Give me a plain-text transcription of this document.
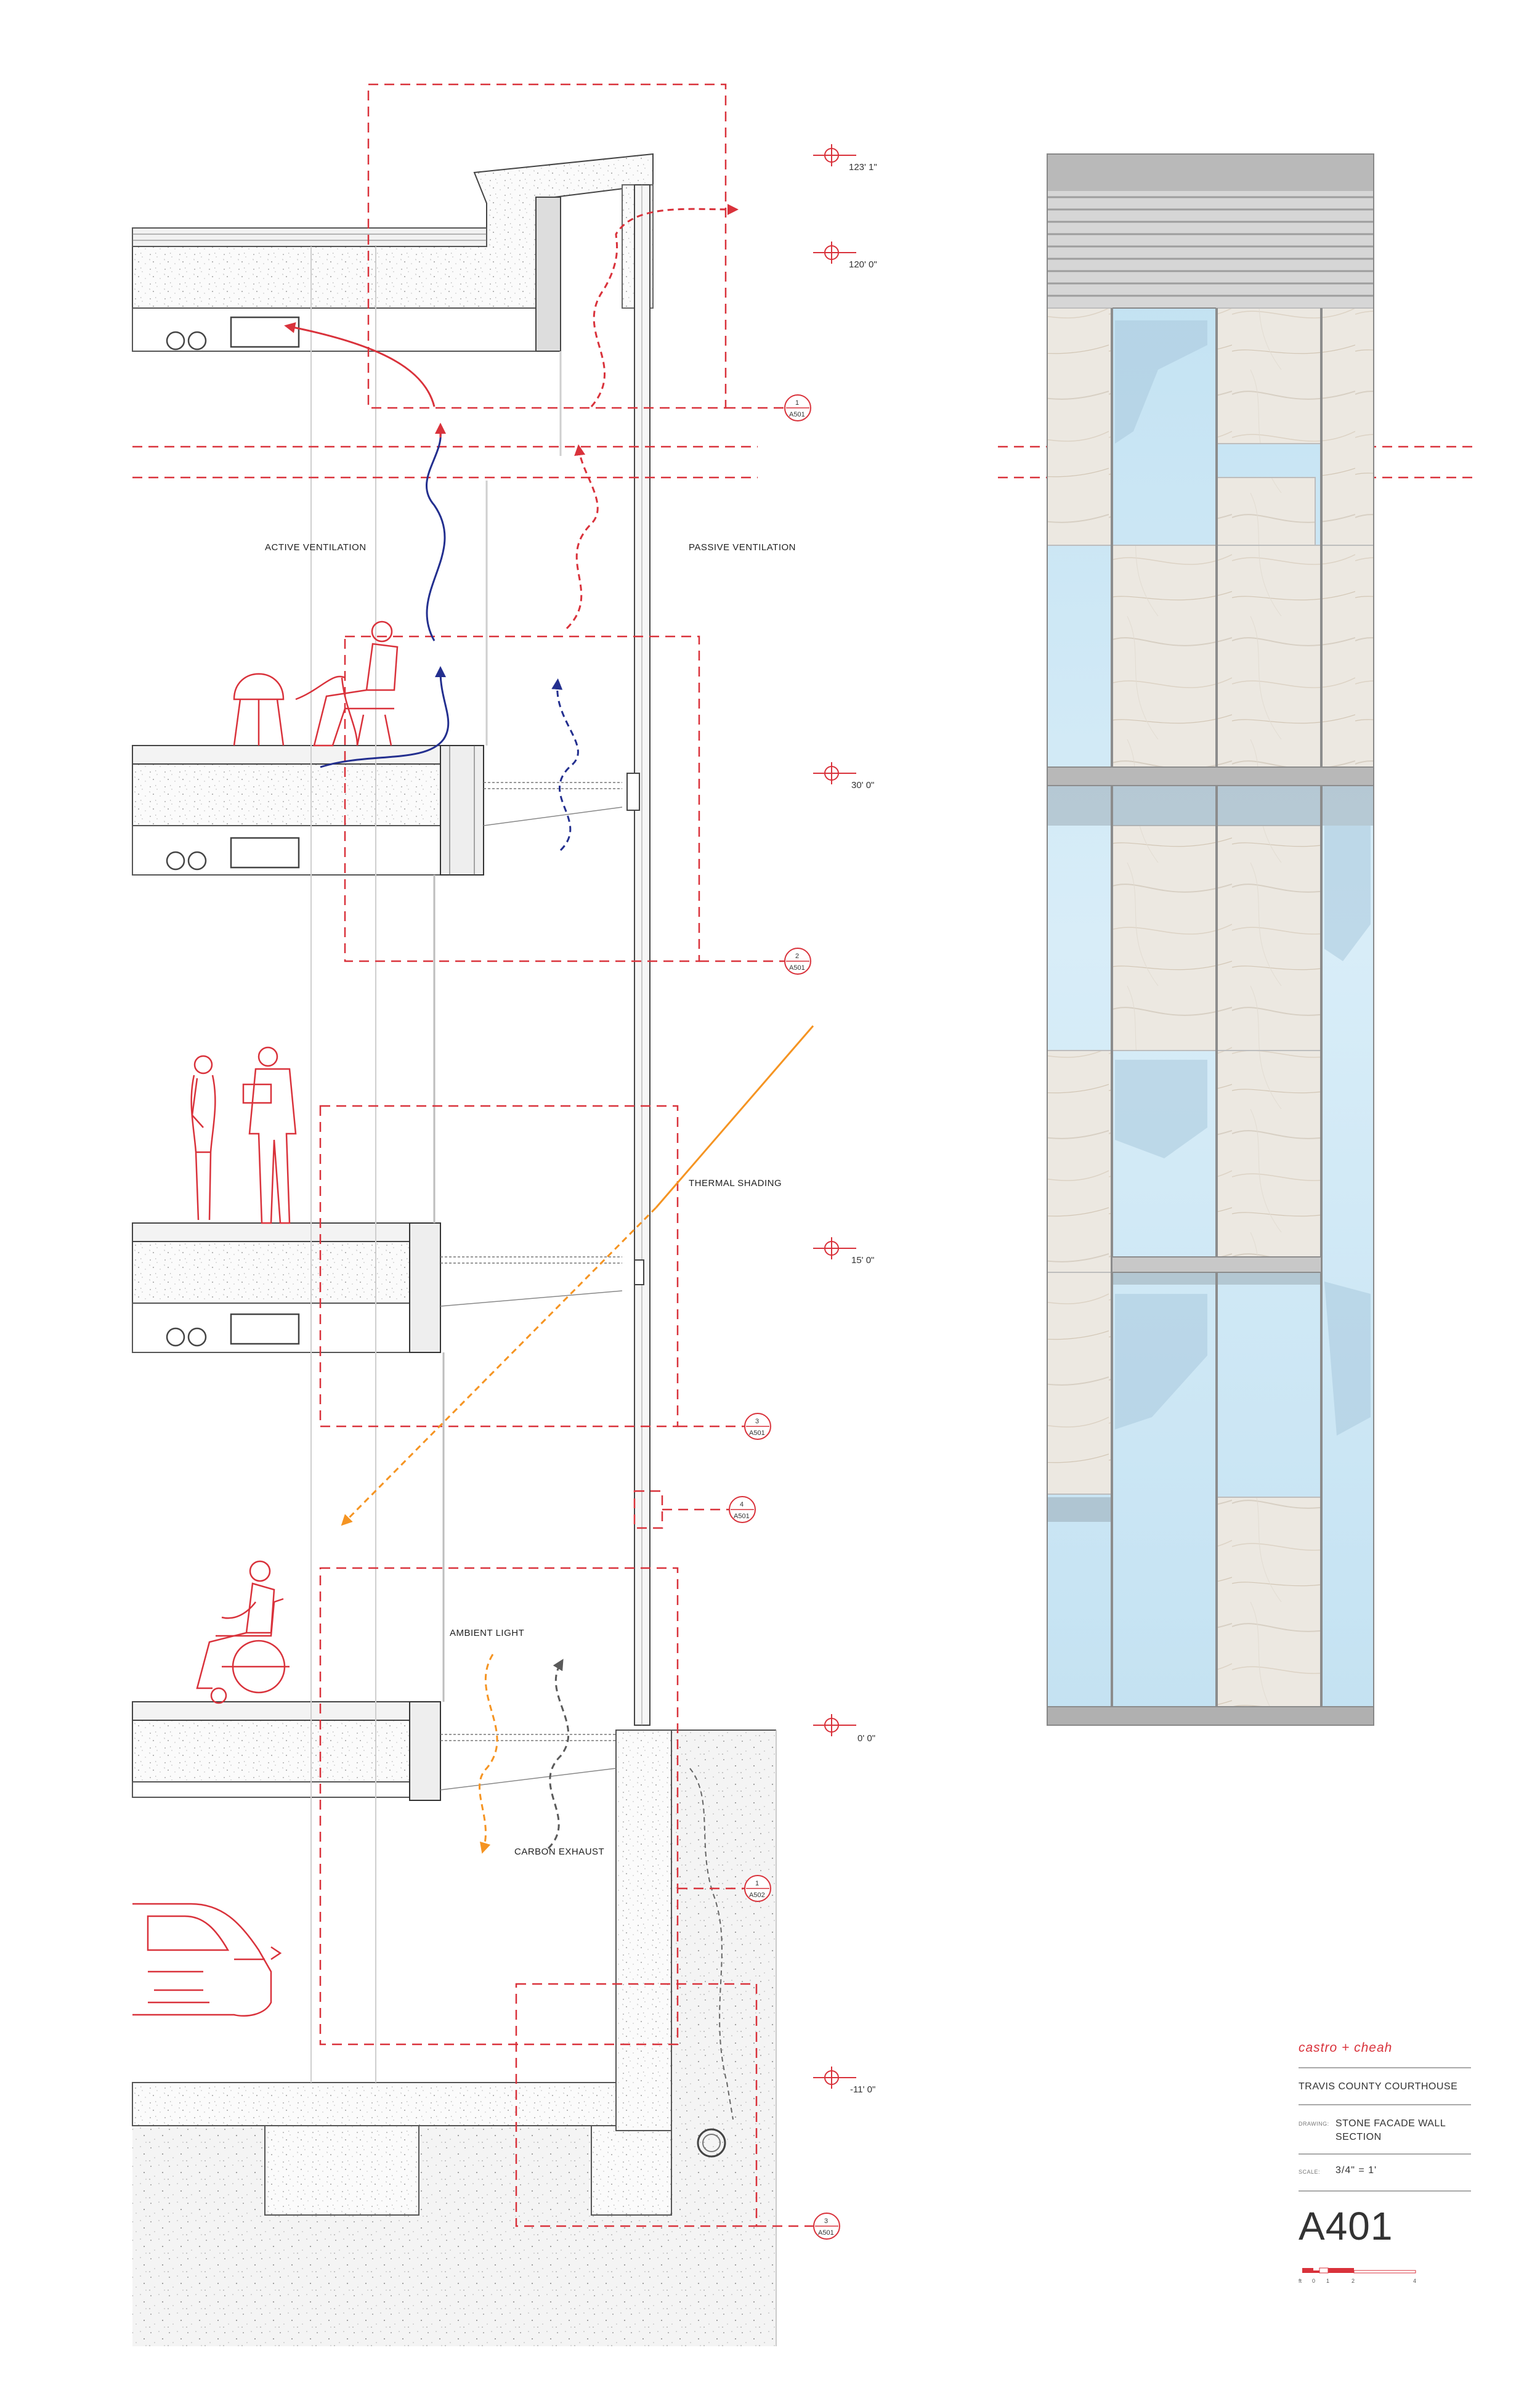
ACTIVE VENTILATION	PASSIVE VENTILATION
THERMAL SHADING
AMBIENT LIGHT
CARBON EXHAUST
123' 1"
120' 0"
30' 0"
15' 0"
0' 0"
-11' 0"
1
A501
2
A501
3
A501
4
A501
1
A502
3
A501
castro + cheah
TRAVIS COUNTY COURTHOUSE
DRAWING: STONE FACADE WALL SECTION
SCALE: 3/4" = 1'
A401
ft 0 1	2	4
